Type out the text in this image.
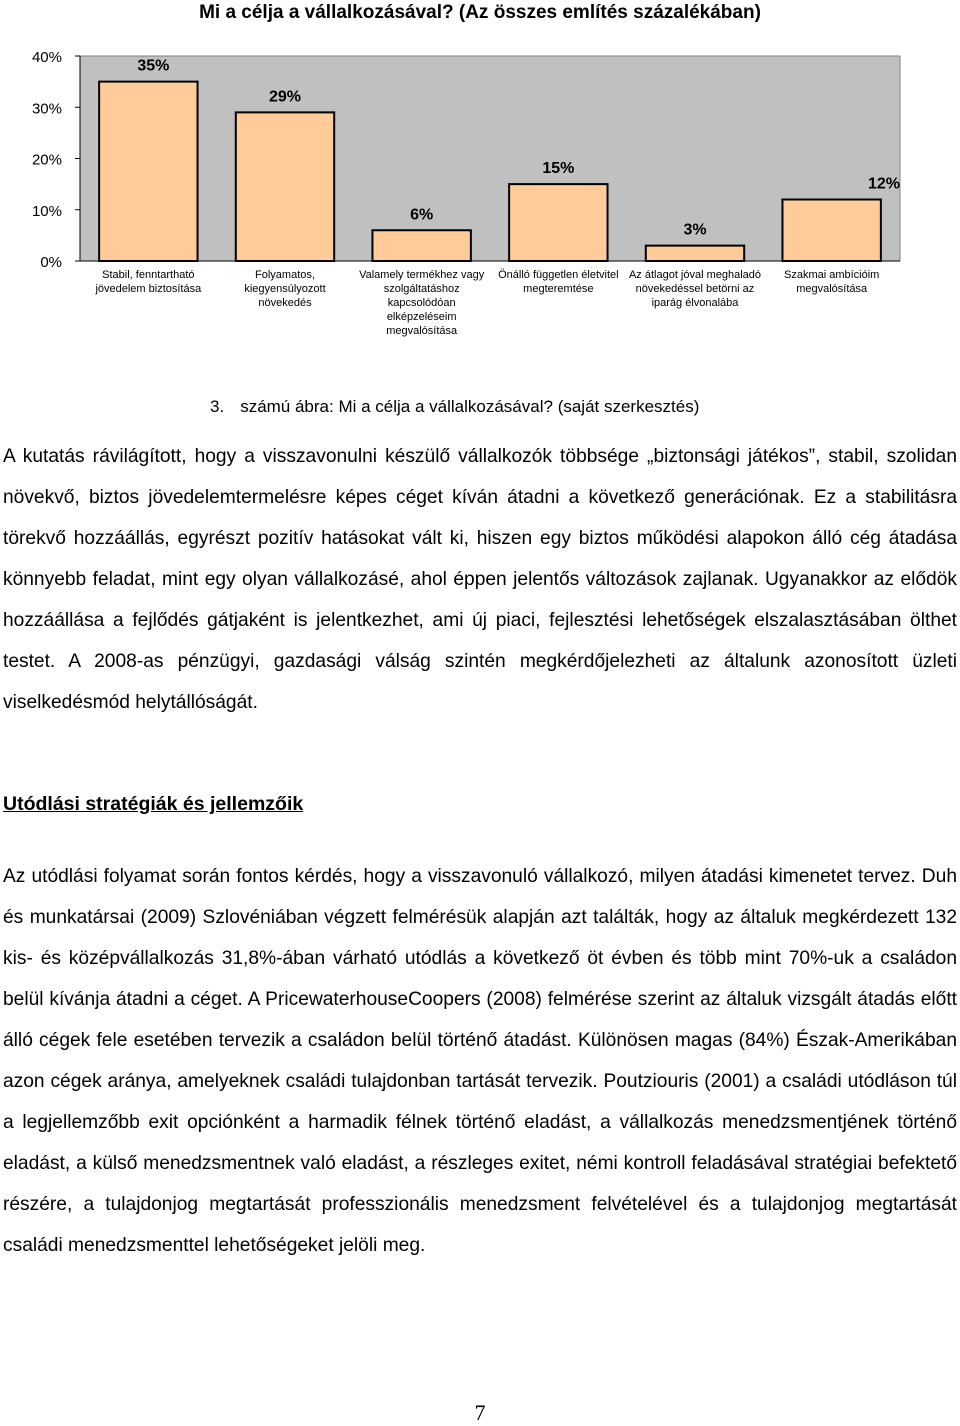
Mi a célja a vállalkozásával? (Az összes említés százalékában)
0%
10%
20%
30%
40%
35%
Stabil, fenntartható
jövedelem biztosítása
29%
Folyamatos,
kiegyensúlyozott
növekedés
6%
Valamely termékhez vagy
szolgáltatáshoz
kapcsolódóan
elképzeléseim
megvalósítása
15%
Önálló független életvitel
megteremtése
3%
Az átlagot jóval meghaladó
növekedéssel betörni az
iparág élvonalába
12%
Szakmai ambícióim
megvalósítása
3. számú ábra: Mi a célja a vállalkozásával? (saját szerkesztés)

A kutatás rávilágított, hogy a visszavonulni készülő vállalkozók többsége „biztonsági játékos”, stabil, szolidan növekvő, biztos jövedelemtermelésre képes céget kíván átadni a következő generációnak. Ez a stabilitásra törekvő hozzáállás, egyrészt pozitív hatásokat vált ki, hiszen egy biztos működési alapokon álló cég átadása könnyebb feladat, mint egy olyan vállalkozásé, ahol éppen jelentős változások zajlanak. Ugyanakkor az elődök hozzáállása a fejlődés gátjaként is jelentkezhet, ami új piaci, fejlesztési lehetőségek elszalasztásában ölthet testet. A 2008-as pénzügyi, gazdasági válság szintén megkérdőjelezheti az általunk azonosított üzleti viselkedésmód helytállóságát.

Utódlási stratégiák és jellemzőik

Az utódlási folyamat során fontos kérdés, hogy a visszavonuló vállalkozó, milyen átadási kimenetet tervez. Duh és munkatársai (2009) Szlovéniában végzett felmérésük alapján azt találták, hogy az általuk megkérdezett 132 kis- és középvállalkozás 31,8%-ában várható utódlás a következő öt évben és több mint 70%-uk a családon belül kívánja átadni a céget. A PricewaterhouseCoopers (2008) felmérése szerint az általuk vizsgált átadás előtt álló cégek fele esetében tervezik a családon belül történő átadást. Különösen magas (84%) Észak-Amerikában azon cégek aránya, amelyeknek családi tulajdonban tartását tervezik. Poutziouris (2001) a családi utódláson túl a legjellemzőbb exit opciónként a harmadik félnek történő eladást, a vállalkozás menedzsmentjének történő eladást, a külső menedzsmentnek való eladást, a részleges exitet, némi kontroll feladásával stratégiai befektető részére, a tulajdonjog megtartását professzionális menedzsment felvételével és a tulajdonjog megtartását családi menedzsmenttel lehetőségeket jelöli meg.

7
